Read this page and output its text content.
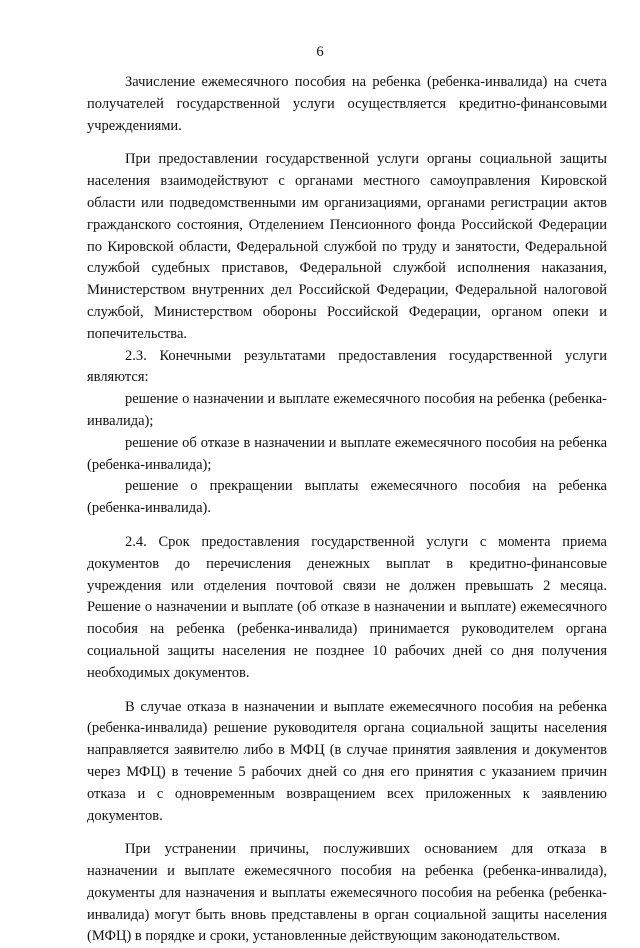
6

Зачисление ежемесячного пособия на ребенка (ребенка-инвалида) на счета получателей государственной услуги осуществляется кредитно-финансовыми учреждениями.

При предоставлении государственной услуги органы социальной защиты населения взаимодействуют с органами местного самоуправления Кировской области или подведомственными им организациями, органами регистрации актов гражданского состояния, Отделением Пенсионного фонда Российской Федерации по Кировской области, Федеральной службой по труду и занятости, Федеральной службой судебных приставов, Федеральной службой исполнения наказания, Министерством внутренних дел Российской Федерации, Федеральной налоговой службой, Министерством обороны Российской Федерации, органом опеки и попечительства.

2.3. Конечными результатами предоставления государственной услуги являются:

решение о назначении и выплате ежемесячного пособия на ребенка (ребенка-инвалида);

решение об отказе в назначении и выплате ежемесячного пособия на ребенка (ребенка-инвалида);

решение о прекращении выплаты ежемесячного пособия на ребенка (ребенка-инвалида).

2.4. Срок предоставления государственной услуги с момента приема документов до перечисления денежных выплат в кредитно-финансовые учреждения или отделения почтовой связи не должен превышать 2 месяца. Решение о назначении и выплате (об отказе в назначении и выплате) ежемесячного пособия на ребенка (ребенка-инвалида) принимается руководителем органа социальной защиты населения не позднее 10 рабочих дней со дня получения необходимых документов.

В случае отказа в назначении и выплате ежемесячного пособия на ребенка (ребенка-инвалида) решение руководителя органа социальной защиты населения направляется заявителю либо в МФЦ (в случае принятия заявления и документов через МФЦ) в течение 5 рабочих дней со дня его принятия с указанием причин отказа и с одновременным возвращением всех приложенных к заявлению документов.

При устранении причины, послуживших основанием для отказа в назначении и выплате ежемесячного пособия на ребенка (ребенка-инвалида), документы для назначения и выплаты ежемесячного пособия на ребенка (ребенка-инвалида) могут быть вновь представлены в орган социальной защиты населения (МФЦ) в порядке и сроки, установленные действующим законодательством.
